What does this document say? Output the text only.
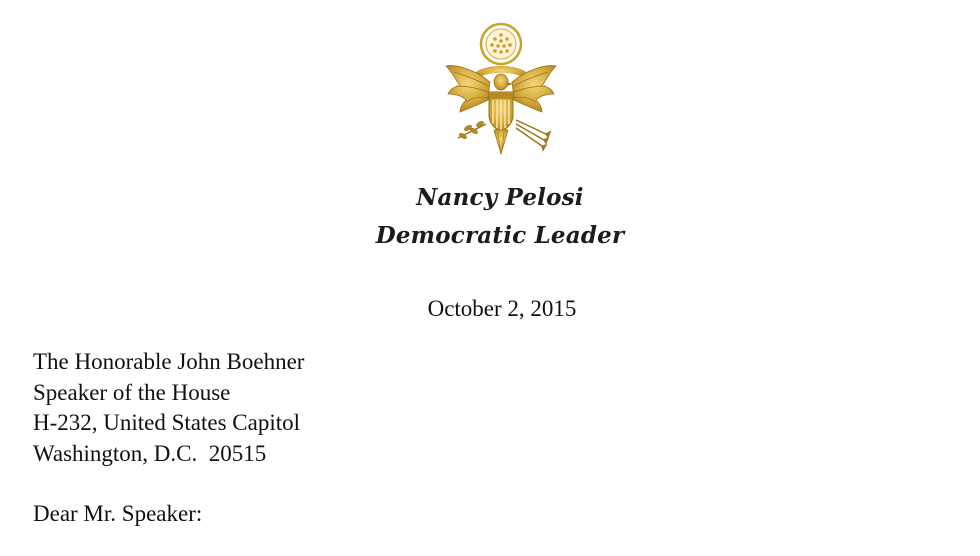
Nancy Pelosi
Democratic Leader
October 2, 2015
The Honorable John Boehner
Speaker of the House
H-232, United States Capitol
Washington, D.C.  20515
Dear Mr. Speaker:
